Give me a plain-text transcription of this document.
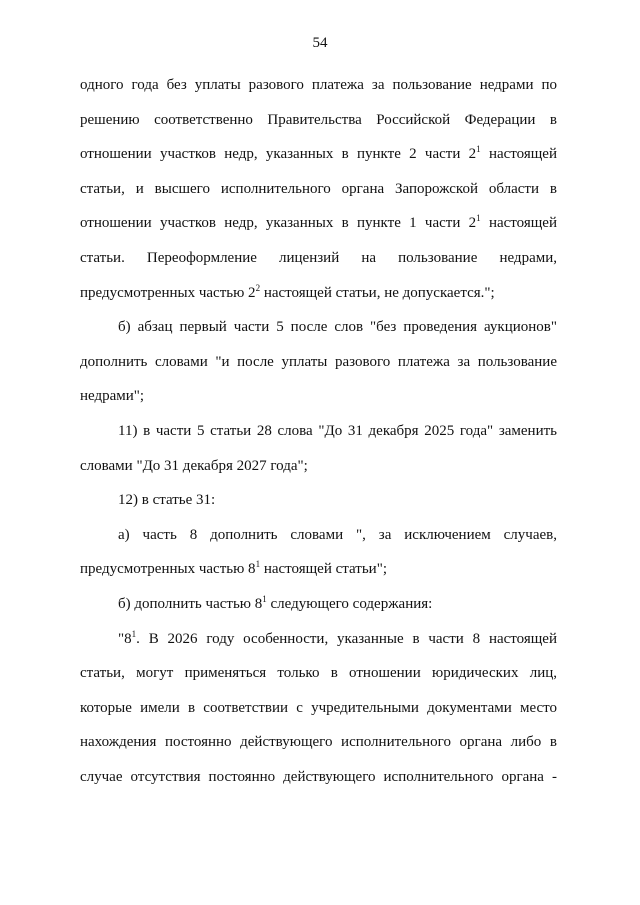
54
одного года без уплаты разового платежа за пользование недрами по
решению соответственно Правительства Российской Федерации в
отношении участков недр, указанных в пункте 2 части $2^1$ настоящей
статьи, и высшего исполнительного органа Запорожской области в
отношении участков недр, указанных в пункте 1 части $2^1$ настоящей
статьи. Переоформление лицензий на пользование недрами,
предусмотренных частью $2^2$ настоящей статьи, не допускается.";
б) абзац первый части 5 после слов "без проведения аукционов"
дополнить словами "и после уплаты разового платежа за пользование
недрами";
11) в части 5 статьи 28 слова "До 31 декабря 2025 года" заменить
словами "До 31 декабря 2027 года";
12) в статье 31:
а) часть 8 дополнить словами ", за исключением случаев,
предусмотренных частью $8^1$ настоящей статьи";
б) дополнить частью $8^1$ следующего содержания:
"$8^1$. В 2026 году особенности, указанные в части 8 настоящей
статьи, могут применяться только в отношении юридических лиц,
которые имели в соответствии с учредительными документами место
нахождения постоянно действующего исполнительного органа либо в
случае отсутствия постоянно действующего исполнительного органа -
